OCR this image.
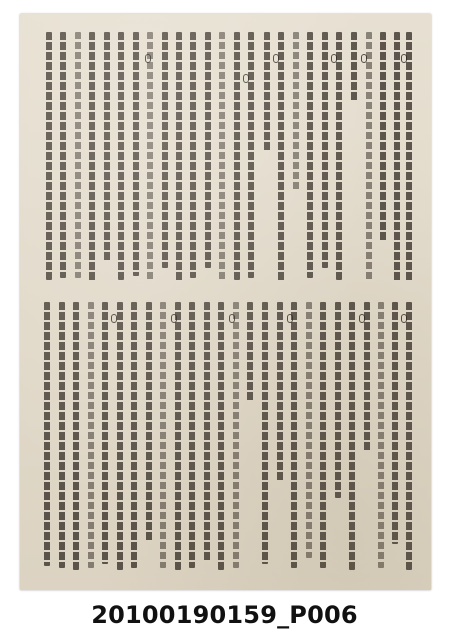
20100190159_P006
